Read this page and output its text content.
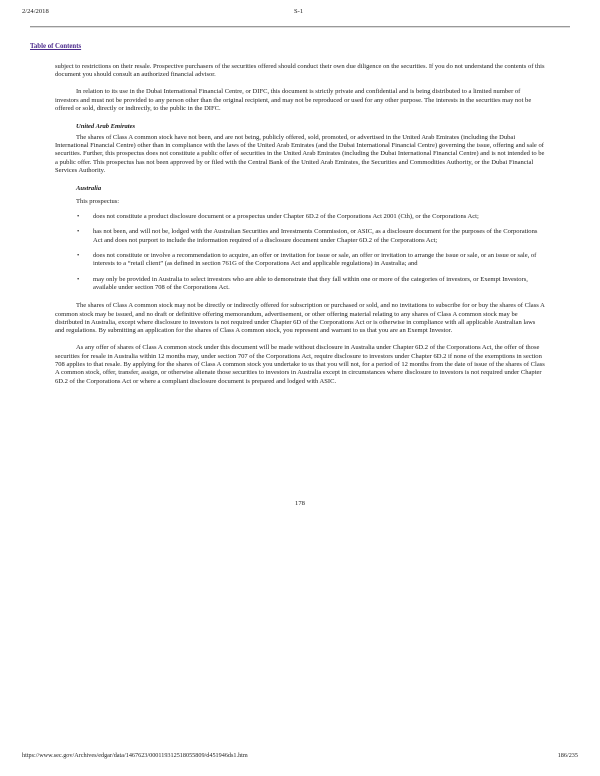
2/24/2018	S-1
Table of Contents

subject to restrictions on their resale. Prospective purchasers of the securities offered should conduct their own due diligence on the securities. If you do not understand the contents of this document you should consult an authorized financial advisor.

In relation to its use in the Dubai International Financial Centre, or DIFC, this document is strictly private and confidential and is being distributed to a limited number of investors and must not be provided to any person other than the original recipient, and may not be reproduced or used for any other purpose. The interests in the securities may not be offered or sold, directly or indirectly, to the public in the DIFC.

United Arab Emirates

The shares of Class A common stock have not been, and are not being, publicly offered, sold, promoted, or advertised in the United Arab Emirates (including the Dubai International Financial Centre) other than in compliance with the laws of the United Arab Emirates (and the Dubai International Financial Centre) governing the issue, offering and sale of securities. Further, this prospectus does not constitute a public offer of securities in the United Arab Emirates (including the Dubai International Financial Centre) and is not intended to be a public offer. This prospectus has not been approved by or filed with the Central Bank of the United Arab Emirates, the Securities and Commodities Authority, or the Dubai Financial Services Authority.

Australia
This prospectus:
• does not constitute a product disclosure document or a prospectus under Chapter 6D.2 of the Corporations Act 2001 (Cth), or the Corporations Act;
• has not been, and will not be, lodged with the Australian Securities and Investments Commission, or ASIC, as a disclosure document for the purposes of the Corporations Act and does not purport to include the information required of a disclosure document under Chapter 6D.2 of the Corporations Act;
• does not constitute or involve a recommendation to acquire, an offer or invitation for issue or sale, an offer or invitation to arrange the issue or sale, or an issue or sale, of interests to a “retail client” (as defined in section 761G of the Corporations Act and applicable regulations) in Australia; and
• may only be provided in Australia to select investors who are able to demonstrate that they fall within one or more of the categories of investors, or Exempt Investors, available under section 708 of the Corporations Act.

The shares of Class A common stock may not be directly or indirectly offered for subscription or purchased or sold, and no invitations to subscribe for or buy the shares of Class A common stock may be issued, and no draft or definitive offering memorandum, advertisement, or other offering material relating to any shares of Class A common stock may be distributed in Australia, except where disclosure to investors is not required under Chapter 6D of the Corporations Act or is otherwise in compliance with all applicable Australian laws and regulations. By submitting an application for the shares of Class A common stock, you represent and warrant to us that you are an Exempt Investor.

As any offer of shares of Class A common stock under this document will be made without disclosure in Australia under Chapter 6D.2 of the Corporations Act, the offer of those securities for resale in Australia within 12 months may, under section 707 of the Corporations Act, require disclosure to investors under Chapter 6D.2 if none of the exemptions in section 708 applies to that resale. By applying for the shares of Class A common stock you undertake to us that you will not, for a period of 12 months from the date of issue of the shares of Class A common stock, offer, transfer, assign, or otherwise alienate those securities to investors in Australia except in circumstances where disclosure to investors is not required under Chapter 6D.2 of the Corporations Act or where a compliant disclosure document is prepared and lodged with ASIC.

178
https://www.sec.gov/Archives/edgar/data/1467623/000119312518055809/d451946ds1.htm	186/235
